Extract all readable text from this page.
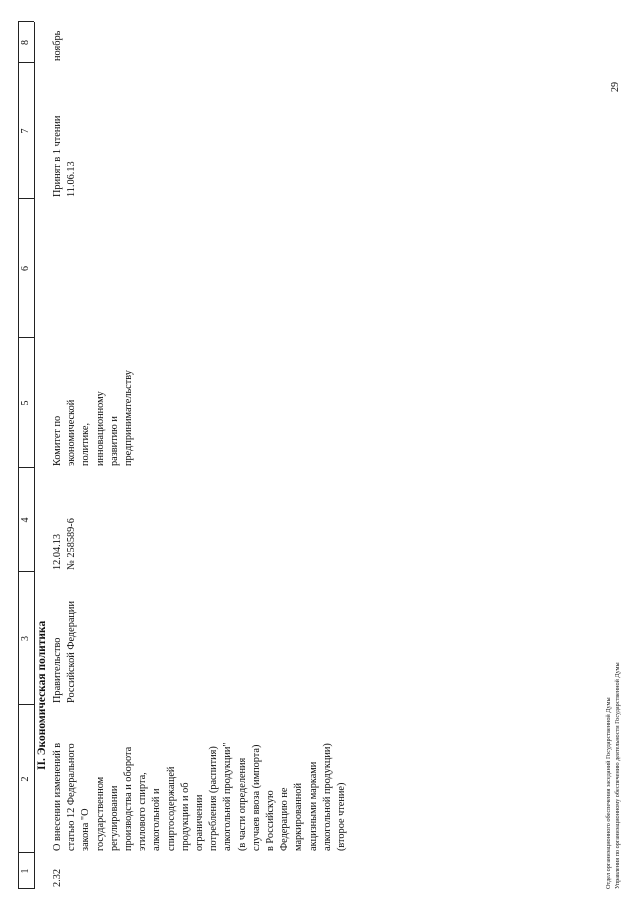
1
2
3
4
5
6
7
8
II. Экономическая политика
2.32
О внесении изменений в
статью 12 Федерального
закона "О
государственном
регулировании
производства и оборота
этилового спирта,
алкогольной и
спиртосодержащей
продукции и об
ограничении
потребления (распития)
алкогольной продукции"
(в части определения
случаев ввоза (импорта)
в Российскую
Федерацию не
маркированной
акцизными марками
алкогольной продукции)
(второе чтение)
Правительство
Российской Федерации
12.04.13
№ 258589-6
Комитет по
экономической
политике,
инновационному
развитию и
предпринимательству
Принят в 1 чтении
11.06.13
ноябрь
29
Отдел организационного обеспечения заседаний Государственной Думы Управления по организационному обеспечению деятельности Государственной Думы
